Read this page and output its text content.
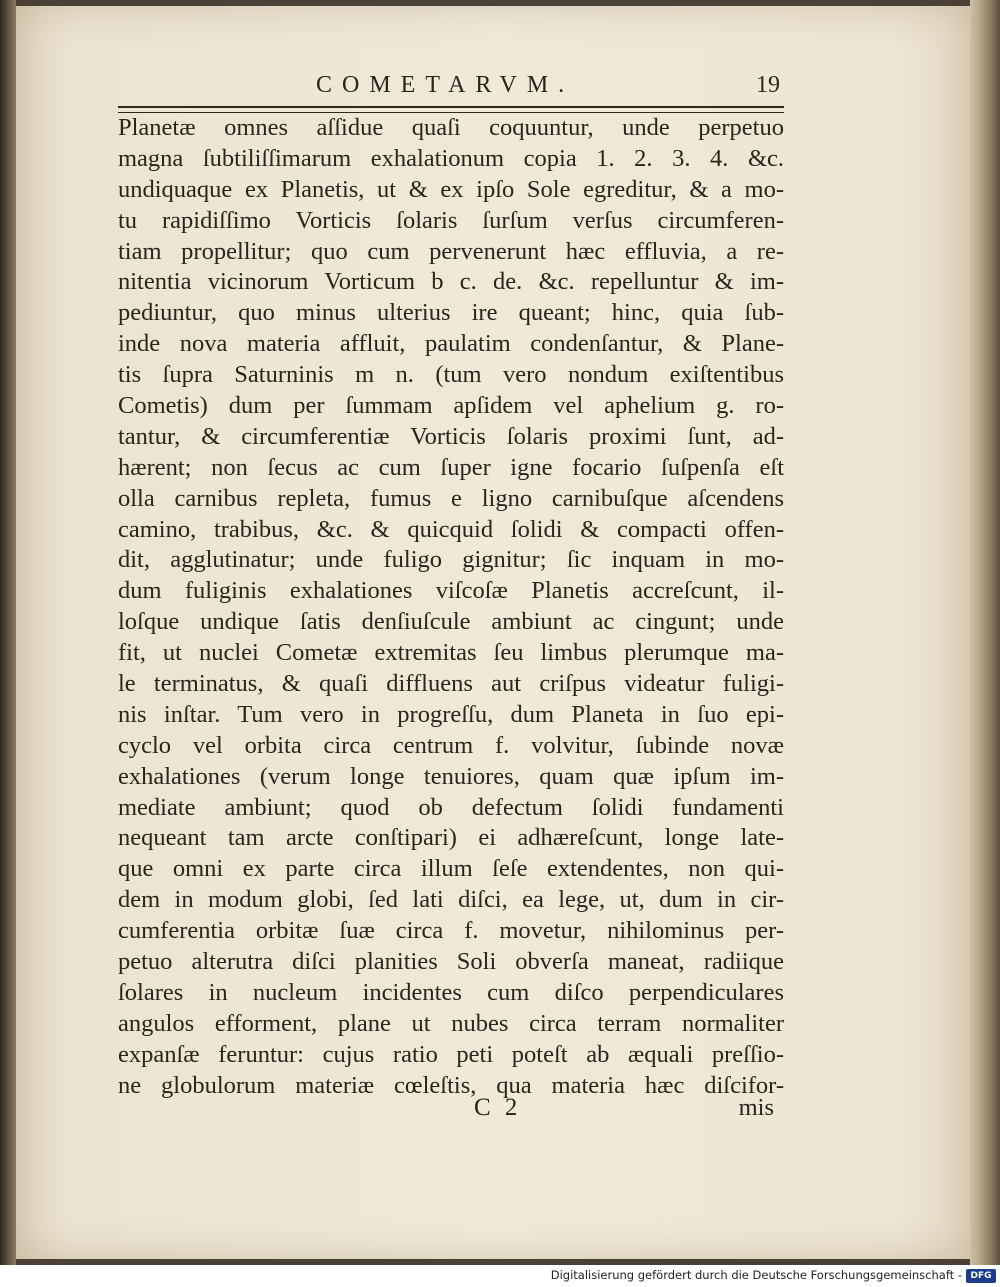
COMETARVM.	19
Planetæ omnes aſſidue quaſi coquuntur, unde perpetuo
magna ſubtiliſſimarum exhalationum copia 1. 2. 3. 4. &c.
undiquaque ex Planetis, ut & ex ipſo Sole egreditur, & a mo-
tu rapidiſſimo Vorticis ſolaris ſurſum verſus circumferen-
tiam propellitur; quo cum pervenerunt hæc effluvia, a re-
nitentia vicinorum Vorticum b c. de. &c. repelluntur & im-
pediuntur, quo minus ulterius ire queant; hinc, quia ſub-
inde nova materia affluit, paulatim condenſantur, & Plane-
tis ſupra Saturninis m n. (tum vero nondum exiſtentibus
Cometis) dum per ſummam apſidem vel aphelium g. ro-
tantur, & circumferentiæ Vorticis ſolaris proximi ſunt, ad-
hærent; non ſecus ac cum ſuper igne focario ſuſpenſa eſt
olla carnibus repleta, fumus e ligno carnibuſque aſcendens
camino, trabibus, &c. & quicquid ſolidi & compacti offen-
dit, agglutinatur; unde fuligo gignitur; ſic inquam in mo-
dum fuliginis exhalationes viſcoſæ Planetis accreſcunt, il-
loſque undique ſatis denſiuſcule ambiunt ac cingunt; unde
fit, ut nuclei Cometæ extremitas ſeu limbus plerumque ma-
le terminatus, & quaſi diffluens aut criſpus videatur fuligi-
nis inſtar. Tum vero in progreſſu, dum Planeta in ſuo epi-
cyclo vel orbita circa centrum f. volvitur, ſubinde novæ
exhalationes (verum longe tenuiores, quam quæ ipſum im-
mediate ambiunt; quod ob defectum ſolidi fundamenti
nequeant tam arcte conſtipari) ei adhæreſcunt, longe late-
que omni ex parte circa illum ſeſe extendentes, non qui-
dem in modum globi, ſed lati diſci, ea lege, ut, dum in cir-
cumferentia orbitæ ſuæ circa f. movetur, nihilominus per-
petuo alterutra diſci planities Soli obverſa maneat, radiique
ſolares in nucleum incidentes cum diſco perpendiculares
angulos efforment, plane ut nubes circa terram normaliter
expanſæ feruntur: cujus ratio peti poteſt ab æquali preſſio-
ne globulorum materiæ cœleſtis, qua materia hæc diſcifor-
C 2	mis
Digitalisierung gefördert durch die Deutsche Forschungsgemeinschaft - DFG
